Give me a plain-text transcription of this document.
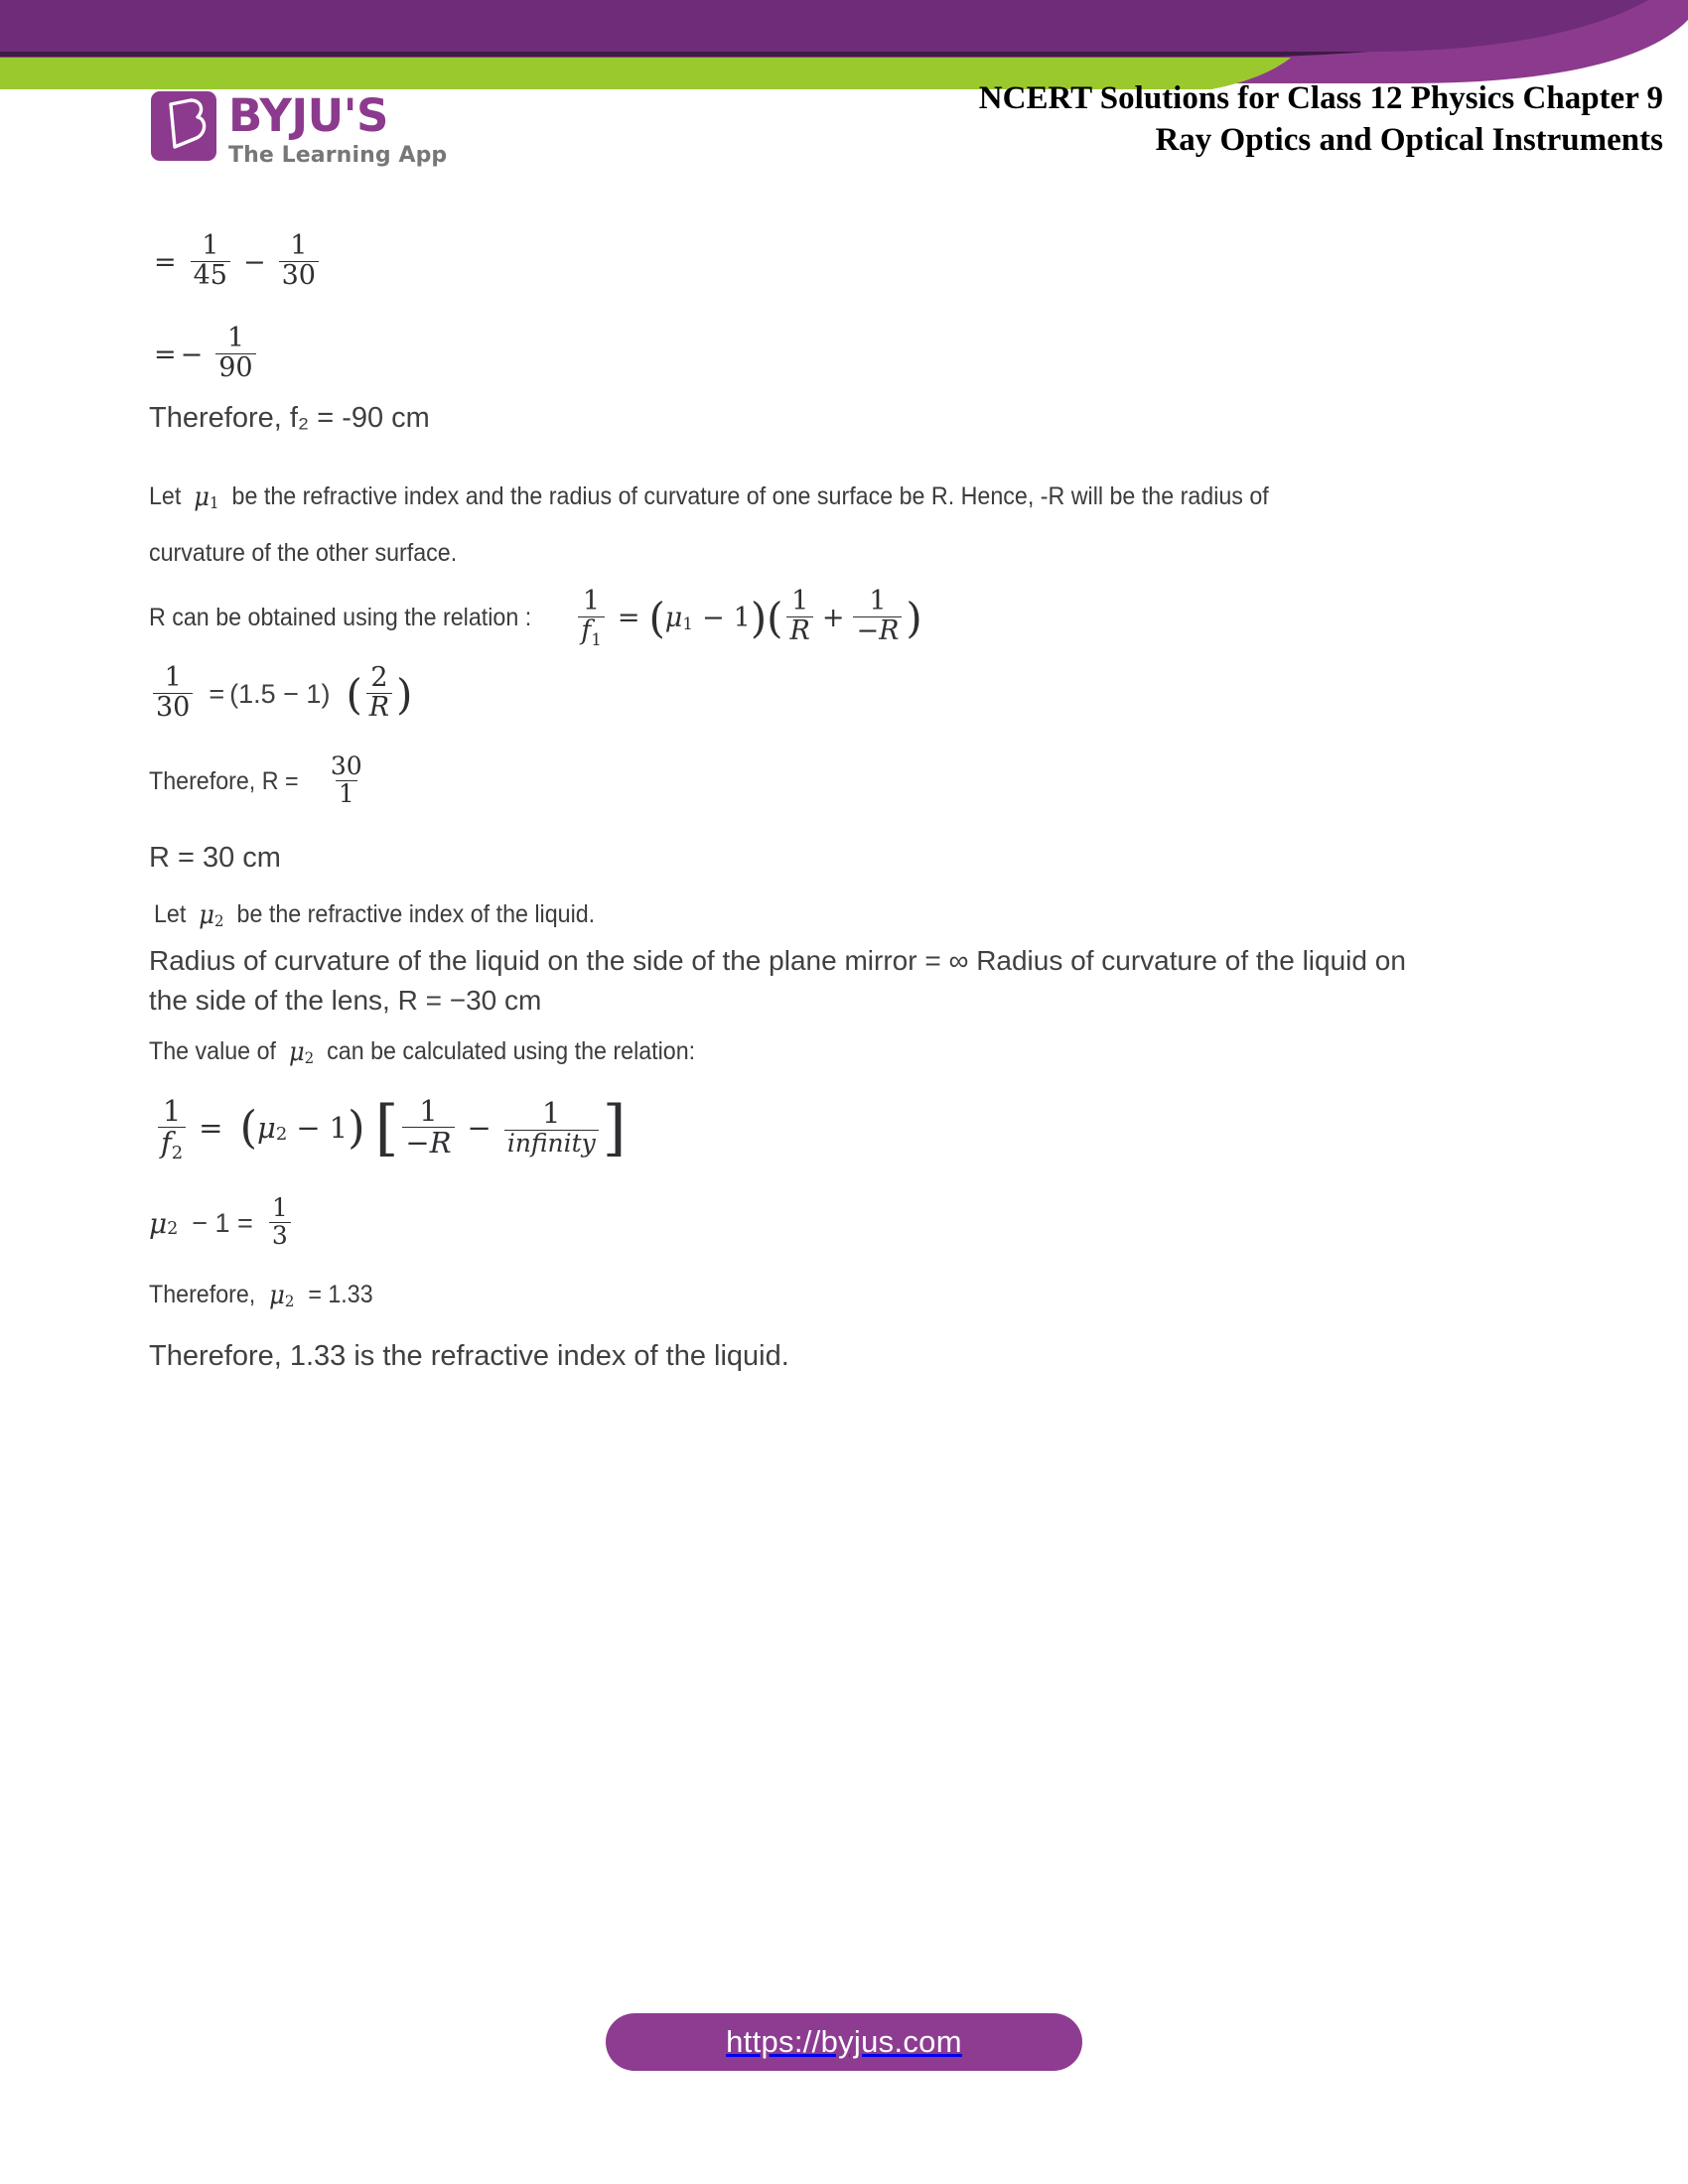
BYJU'S
The Learning App
NCERT Solutions for Class 12 Physics Chapter 9
Ray Optics and Optical Instruments
= $\frac{1}{45} - \frac{1}{30}$
= − $\frac{1}{90}$
Therefore, f₂ = -90 cm
Let μ 1 be the refractive index and the radius of curvature of one surface be R. Hence, -R will be the radius of
curvature of the other surface.
R can be obtained using the relation : $\frac{1}{f_1}$ = ( μ 1 − 1 ) ( $\frac{1}{R} + \frac{1}{-R}$ )
$\frac{1}{30} = (1.5 - 1)$ ( $\frac{2}{R}$ )
Therefore, $R = \frac{30}{1}$
R = 30 cm
Let μ 2 be the refractive index of the liquid.
Radius of curvature of the liquid on the side of the plane mirror = ∞ Radius of curvature of the liquid on
the side of the lens, R = −30 cm
The value of μ 2 can be calculated using the relation:
$\frac{1}{f_2}$ = ( μ 2 − 1 ) [ $\frac{1}{-R} - \frac{1}{\text{infinity}}$ ]
μ $2 - 1 = \frac{1}{3}$
Therefore, μ 2 = 1.33
Therefore, 1.33 is the refractive index of the liquid.
https://byjus.com
